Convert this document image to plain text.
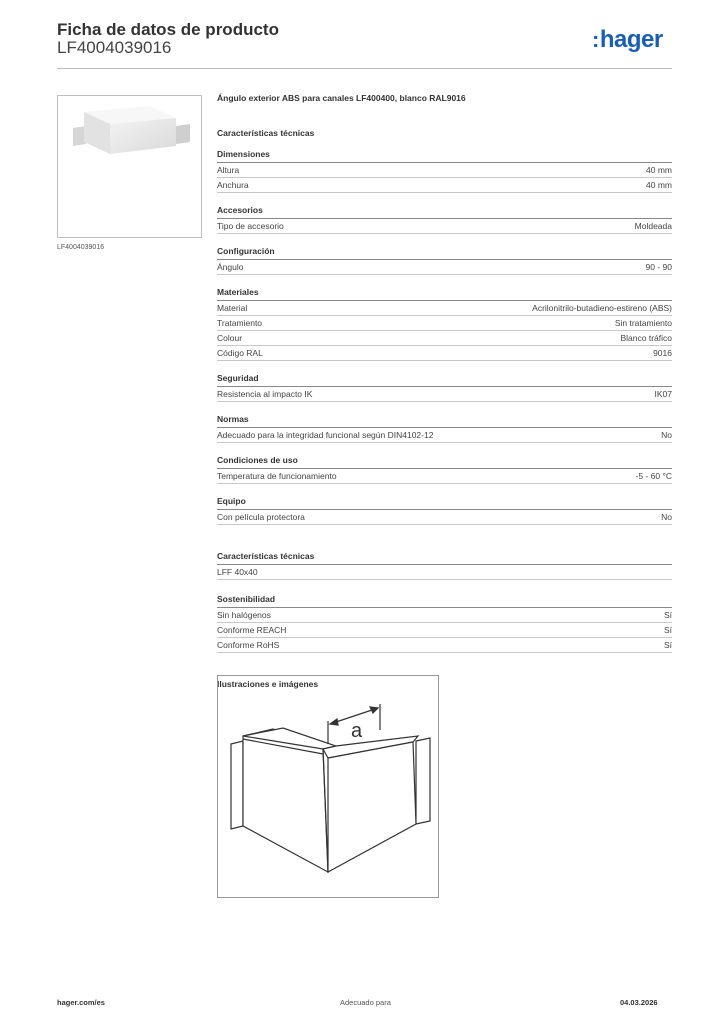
Ficha de datos de producto
LF4004039016	:hager
LF4004039016
Ángulo exterior ABS para canales LF400400, blanco RAL9016
Características técnicas
Dimensiones
Altura	40 mm
Anchura	40 mm
Accesorios
Tipo de accesorio	Moldeada
Configuración
Ángulo	90 - 90
Materiales
Material	Acrilonitrilo-butadieno-estireno (ABS)
Tratamiento	Sin tratamiento
Colour	Blanco tráfico
Código RAL	9016
Seguridad
Resistencia al impacto IK	IK07
Normas
Adecuado para la integridad funcional según DIN4102-12	No
Condiciones de uso
Temperatura de funcionamiento	-5 - 60 °C
Equipo
Con película protectora	No
Características técnicas
LFF 40x40
Sostenibilidad
Sin halógenos	Sí
Conforme REACH	Sí
Conforme RoHS	Sí
Ilustraciones e imágenes
a
hager.com/es	Adecuado para	04.03.2026
